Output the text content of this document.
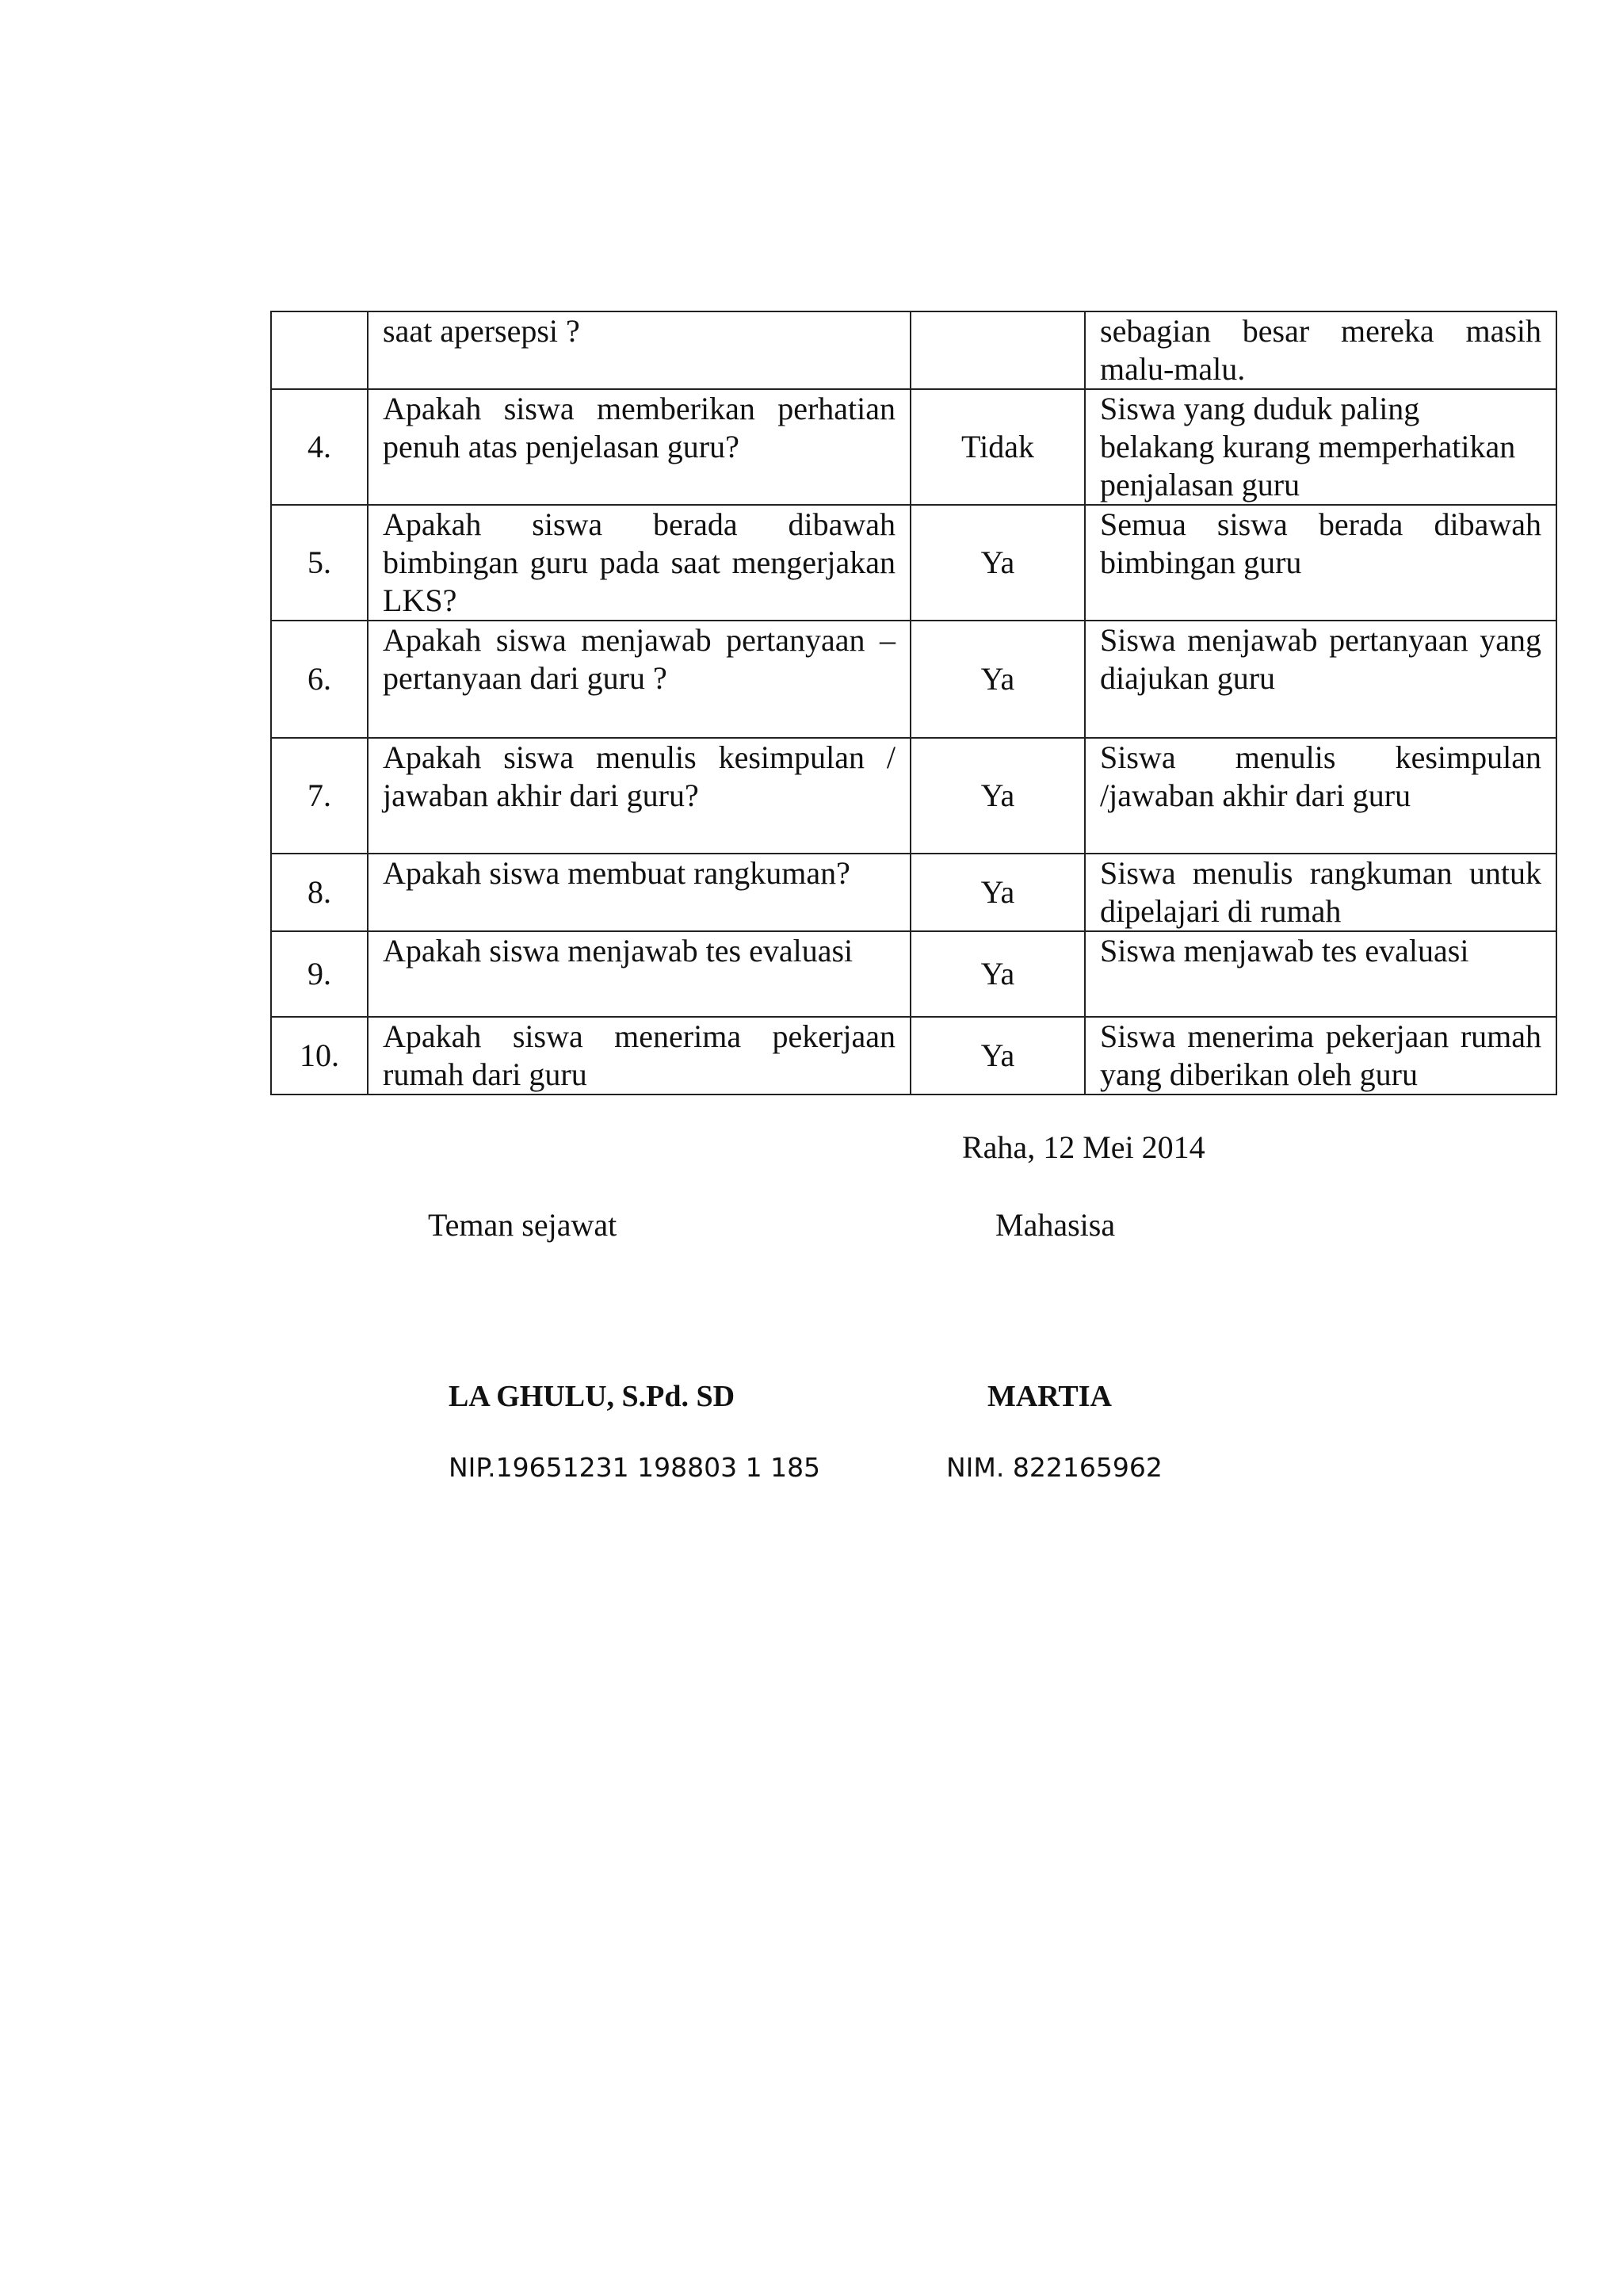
	saat apersepsi ?		sebagian besar mereka masih malu-malu.
4.	Apakah siswa memberikan perhatian penuh atas penjelasan guru?	Tidak	Siswa yang duduk paling belakang kurang memperhatikan penjalasan guru
5.	Apakah siswa berada dibawah bimbingan guru pada saat mengerjakan LKS?	Ya	Semua siswa berada dibawah bimbingan guru
6.	Apakah siswa menjawab pertanyaan – pertanyaan dari guru ?	Ya	Siswa menjawab pertanyaan yang diajukan guru
7.	Apakah siswa menulis kesimpulan / jawaban akhir dari guru?	Ya	Siswa menulis kesimpulan /jawaban akhir dari guru
8.	Apakah siswa membuat rangkuman?	Ya	Siswa menulis rangkuman untuk dipelajari di rumah
9.	Apakah siswa menjawab tes evaluasi	Ya	Siswa menjawab tes evaluasi
10.	Apakah siswa menerima pekerjaan rumah dari guru	Ya	Siswa menerima pekerjaan rumah yang diberikan oleh guru
Raha, 12 Mei 2014
Teman sejawat	Mahasisa
LA GHULU, S.Pd. SD	MARTIA
NIP.19651231 198803 1 185	NIM. 822165962
